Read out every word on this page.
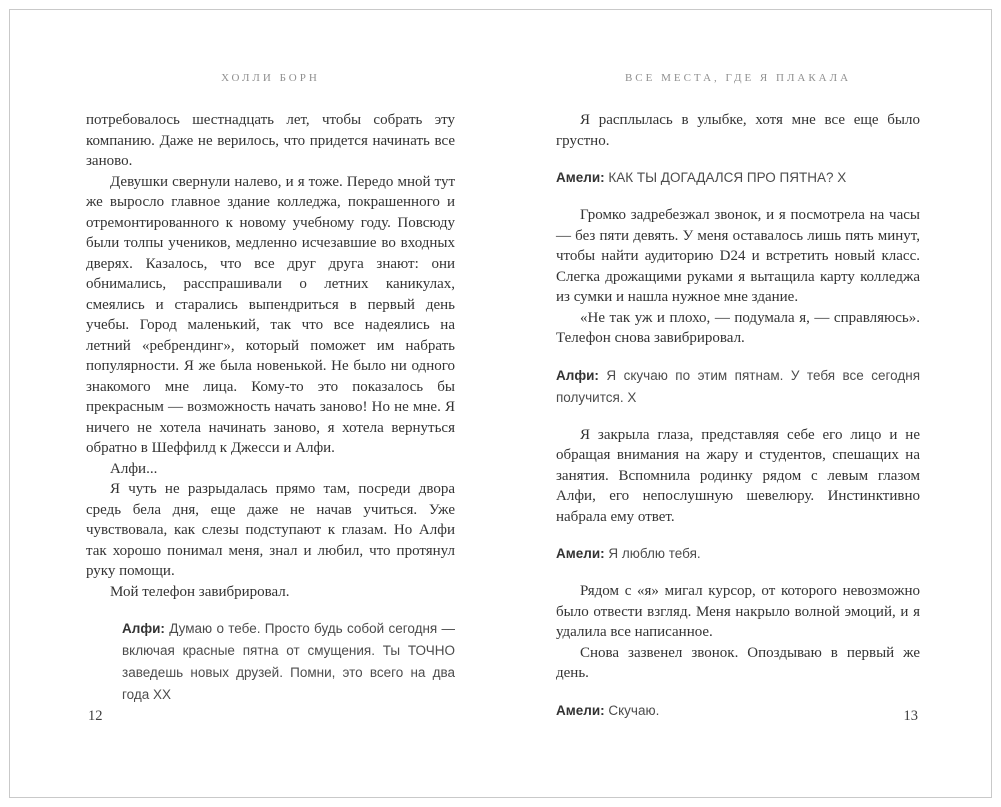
ХОЛЛИ БОРН

потребовалось шестнадцать лет, чтобы собрать эту компанию. Даже не верилось, что придется начинать все заново.

Девушки свернули налево, и я тоже. Передо мной тут же выросло главное здание колледжа, покрашенного и отремонтированного к новому учебному году. Повсюду были толпы учеников, медленно исчезавшие во входных дверях. Казалось, что все друг друга знают: они обнимались, расспрашивали о летних каникулах, смеялись и старались выпендриться в первый день учебы. Город маленький, так что все надеялись на летний «ребрендинг», который поможет им набрать популярности. Я же была новенькой. Не было ни одного знакомого мне лица. Кому-то это показалось бы прекрасным — возможность начать заново! Но не мне. Я ничего не хотела начинать заново, я хотела вернуться обратно в Шеффилд к Джесси и Алфи.

Алфи...

Я чуть не разрыдалась прямо там, посреди двора средь бела дня, еще даже не начав учиться. Уже чувствовала, как слезы подступают к глазам. Но Алфи так хорошо понимал меня, знал и любил, что протянул руку помощи.

Мой телефон завибрировал.

Алфи: Думаю о тебе. Просто будь собой сегодня — включая красные пятна от смущения. Ты ТОЧНО заведешь новых друзей. Помни, это всего на два года ХХ

12
ВСЕ МЕСТА, ГДЕ Я ПЛАКАЛА

Я расплылась в улыбке, хотя мне все еще было грустно.

Амели: КАК ТЫ ДОГАДАЛСЯ ПРО ПЯТНА? Х

Громко задребезжал звонок, и я посмотрела на часы — без пяти девять. У меня оставалось лишь пять минут, чтобы найти аудиторию D24 и встретить новый класс. Слегка дрожащими руками я вытащила карту колледжа из сумки и нашла нужное мне здание.

«Не так уж и плохо, — подумала я, — справляюсь». Телефон снова завибрировал.

Алфи: Я скучаю по этим пятнам. У тебя все сегодня получится. Х

Я закрыла глаза, представляя себе его лицо и не обращая внимания на жару и студентов, спешащих на занятия. Вспомнила родинку рядом с левым глазом Алфи, его непослушную шевелюру. Инстинктивно набрала ему ответ.

Амели: Я люблю тебя.

Рядом с «я» мигал курсор, от которого невозможно было отвести взгляд. Меня накрыло волной эмоций, и я удалила все написанное.

Снова зазвенел звонок. Опоздываю в первый же день.

Амели: Скучаю.	13
